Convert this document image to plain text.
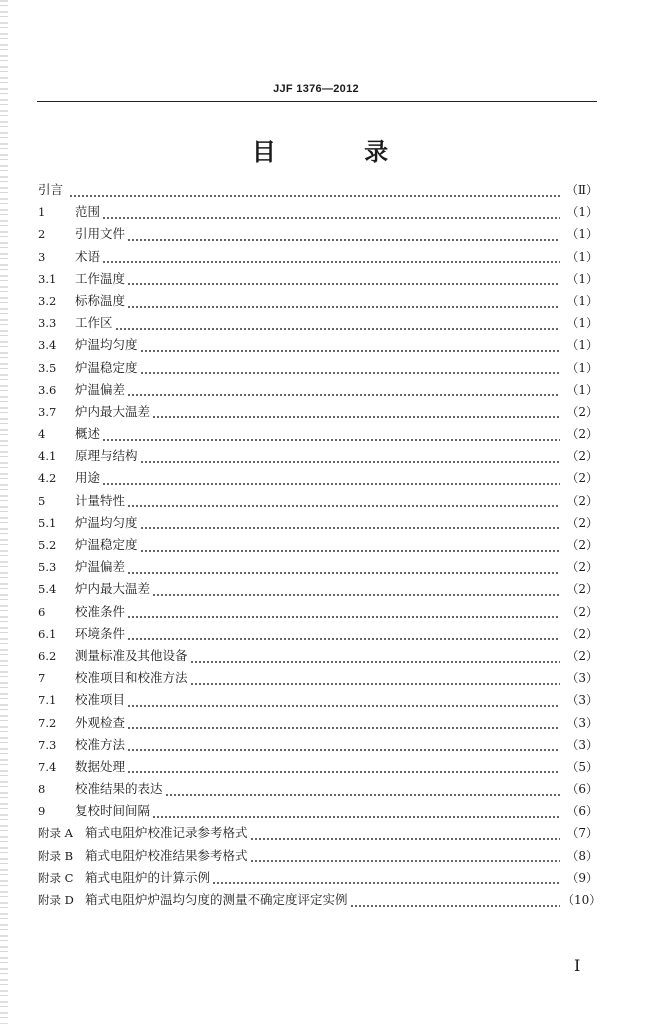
JJF 1376—2012
目 录
引言	（Ⅱ）
1	范围	（1）
2	引用文件	（1）
3	术语	（1）
3.1	工作温度	（1）
3.2	标称温度	（1）
3.3	工作区	（1）
3.4	炉温均匀度	（1）
3.5	炉温稳定度	（1）
3.6	炉温偏差	（1）
3.7	炉内最大温差	（2）
4	概述	（2）
4.1	原理与结构	（2）
4.2	用途	（2）
5	计量特性	（2）
5.1	炉温均匀度	（2）
5.2	炉温稳定度	（2）
5.3	炉温偏差	（2）
5.4	炉内最大温差	（2）
6	校准条件	（2）
6.1	环境条件	（2）
6.2	测量标准及其他设备	（2）
7	校准项目和校准方法	（3）
7.1	校准项目	（3）
7.2	外观检查	（3）
7.3	校准方法	（3）
7.4	数据处理	（5）
8	校准结果的表达	（6）
9	复校时间间隔	（6）
附录 A 箱式电阻炉校准记录参考格式	（7）
附录 B 箱式电阻炉校准结果参考格式	（8）
附录 C 箱式电阻炉的计算示例	（9）
附录 D 箱式电阻炉炉温均匀度的测量不确定度评定实例	（10）
I
